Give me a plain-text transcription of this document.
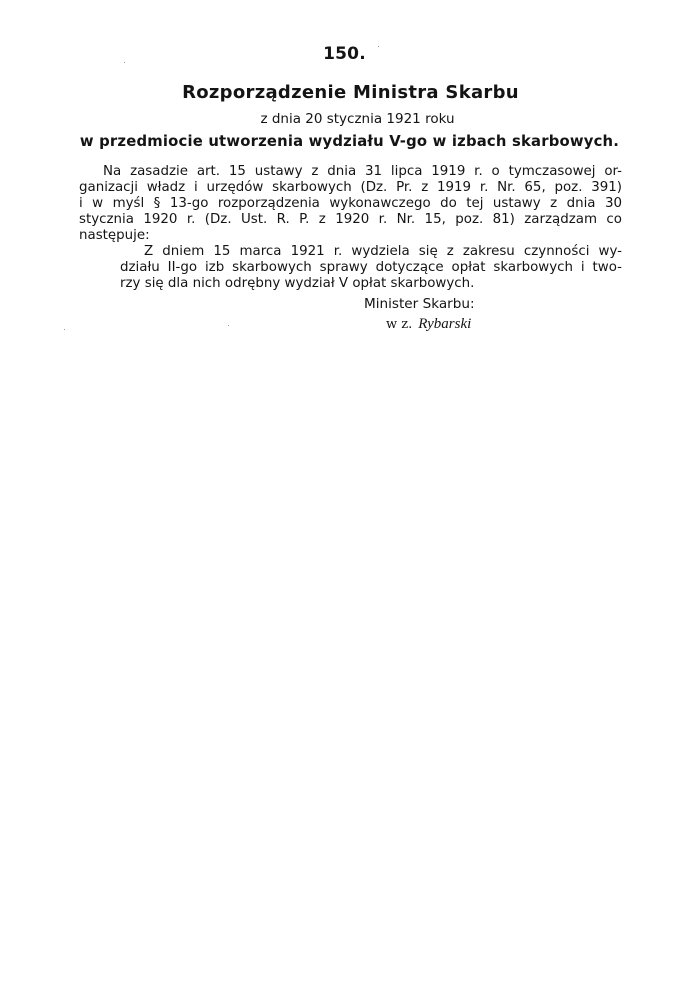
150.
Rozporządzenie Ministra Skarbu
z dnia 20 stycznia 1921 roku
w przedmiocie utworzenia wydziału V-go w izbach skarbowych.
Na zasadzie art. 15 ustawy z dnia 31 lipca 1919 r. o tymczasowej or-
ganizacji władz i urzędów skarbowych (Dz. Pr. z 1919 r. Nr. 65, poz. 391)
i w myśl § 13-go rozporządzenia wykonawczego do tej ustawy z dnia 30
stycznia 1920 r. (Dz. Ust. R. P. z 1920 r. Nr. 15, poz. 81) zarządzam co
następuje:
Z dniem 15 marca 1921 r. wydziela się z zakresu czynności wy-
działu II-go izb skarbowych sprawy dotyczące opłat skarbowych i two-
rzy się dla nich odrębny wydział V opłat skarbowych.
Minister Skarbu:
w z. Rybarski
